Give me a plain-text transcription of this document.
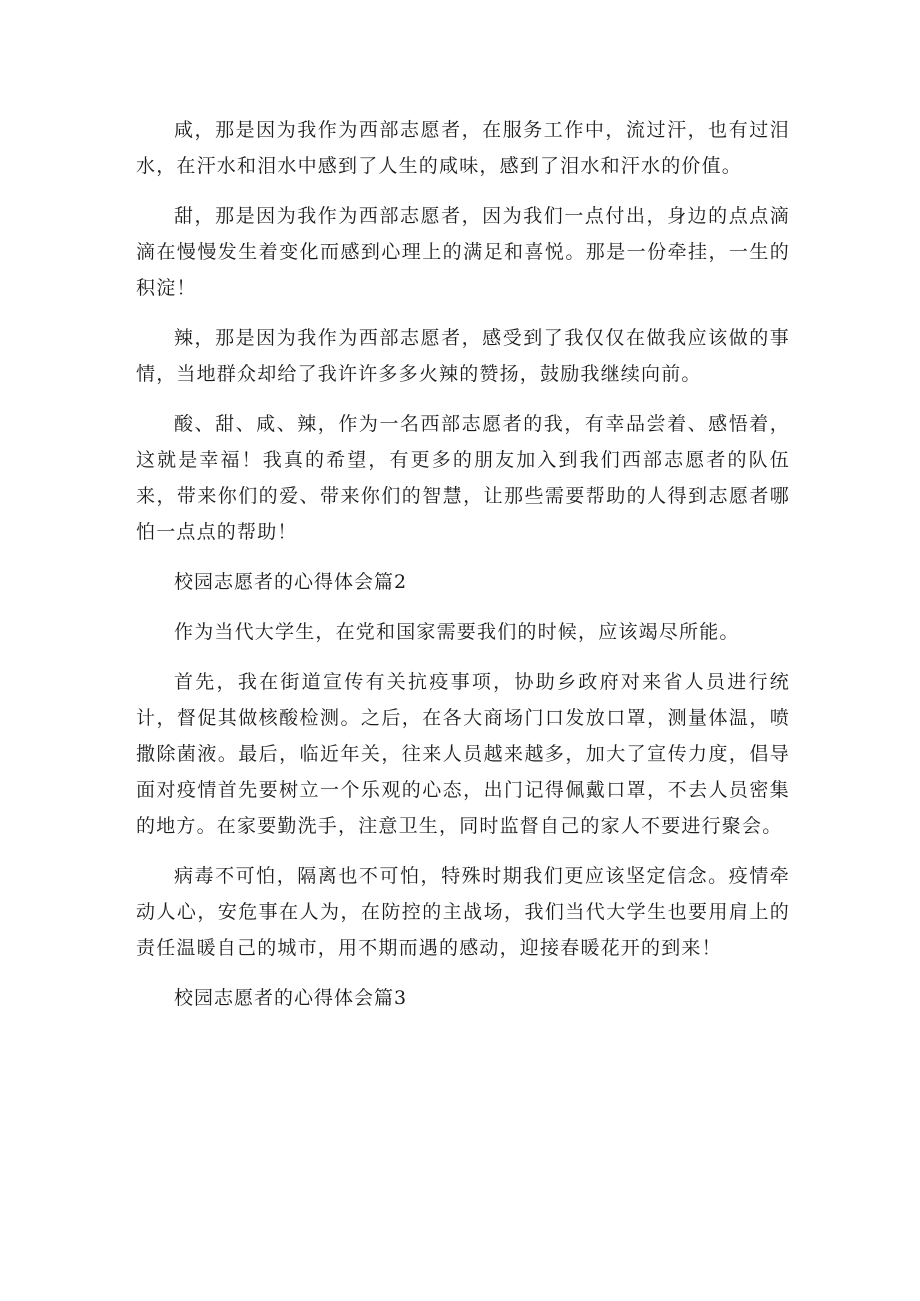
咸，那是因为我作为西部志愿者，在服务工作中，流过汗，也有过泪水，在汗水和泪水中感到了人生的咸味，感到了泪水和汗水的价值。

甜，那是因为我作为西部志愿者，因为我们一点付出，身边的点点滴滴在慢慢发生着变化而感到心理上的满足和喜悦。那是一份牵挂，一生的积淀！

辣，那是因为我作为西部志愿者，感受到了我仅仅在做我应该做的事情，当地群众却给了我许许多多火辣的赞扬，鼓励我继续向前。

酸、甜、咸、辣，作为一名西部志愿者的我，有幸品尝着、感悟着，这就是幸福！我真的希望，有更多的朋友加入到我们西部志愿者的队伍来，带来你们的爱、带来你们的智慧，让那些需要帮助的人得到志愿者哪怕一点点的帮助！

校园志愿者的心得体会篇2

作为当代大学生，在党和国家需要我们的时候，应该竭尽所能。

首先，我在街道宣传有关抗疫事项，协助乡政府对来省人员进行统计，督促其做核酸检测。之后，在各大商场门口发放口罩，测量体温，喷撒除菌液。最后，临近年关，往来人员越来越多，加大了宣传力度，倡导面对疫情首先要树立一个乐观的心态，出门记得佩戴口罩，不去人员密集的地方。在家要勤洗手，注意卫生，同时监督自己的家人不要进行聚会。

病毒不可怕，隔离也不可怕，特殊时期我们更应该坚定信念。疫情牵动人心，安危事在人为，在防控的主战场，我们当代大学生也要用肩上的责任温暖自己的城市，用不期而遇的感动，迎接春暖花开的到来！

校园志愿者的心得体会篇3
